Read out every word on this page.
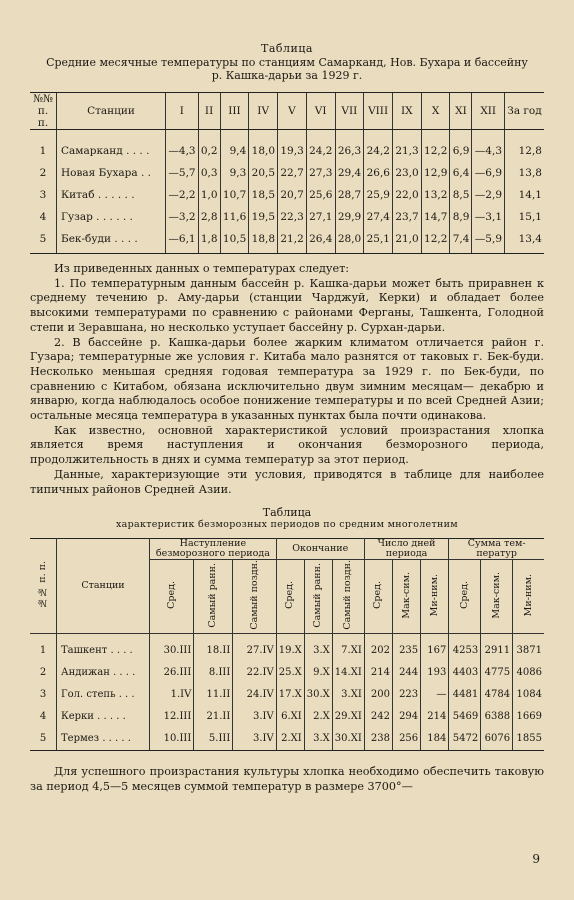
Таблица
Средние месячные температуры по станциям Самарканд, Нов. Бухара и бассейну
р. Кашка-дарьи за 1929 г.
№№ п. п.	Станции	I	II	III	IV	V	VI	VII	VIII	IX	X	XI	XII	За год
1	Самарканд . . . .	—4,3	0,2	9,4	18,0	19,3	24,2	26,3	24,2	21,3	12,2	6,9	—4,3	12,8
2	Новая Бухара . .	—5,7	0,3	9,3	20,5	22,7	27,3	29,4	26,6	23,0	12,9	6,4	—6,9	13,8
3	Китаб . . . . . .	—2,2	1,0	10,7	18,5	20,7	25,6	28,7	25,9	22,0	13,2	8,5	—2,9	14,1
4	Гузар . . . . . .	—3,2	2,8	11,6	19,5	22,3	27,1	29,9	27,4	23,7	14,7	8,9	—3,1	15,1
5	Бек-буди . . . .	—6,1	1,8	10,5	18,8	21,2	26,4	28,0	25,1	21,0	12,2	7,4	—5,9	13,4

Из приведенных данных о температурах следует:

1. По температурным данным бассейн р. Кашка-дарьи может быть приравнен к среднему течению р. Аму-дарьи (станции Чарджуй, Керки) и обладает более высокими температурами по сравнению с районами Ферганы, Ташкента, Голодной степи и Зеравшана, но несколько уступает бассейну р. Сурхан-дарьи.

2. В бассейне р. Кашка-дарьи более жарким климатом отличается район г. Гузара; температурные же условия г. Китаба мало разнятся от таковых г. Бек-буди. Несколько меньшая средняя годовая температура за 1929 г. по Бек-буди, по сравнению с Китабом, обязана исключительно двум зимним месяцам— декабрю и январю, когда наблюдалось особое понижение температуры и по всей Средней Азии; остальные месяца температура в указанных пунктах была почти одинакова.

Как известно, основной характеристикой условий произрастания хлопка является время наступления и окончания безморозного периода, продолжительность в днях и сумма температур за этот период.

Данные, характеризующие эти условия, приводятся в таблице для наиболее типичных районов Средней Азии.

Таблица
характеристик безморозных периодов по средним многолетним
№№ п. п.	Станции	Наступление безморозного периода			Окончание			Число дней периода			Сумма тем-ператур		
		Сред.	Самый ранн.	Самый поздн.	Сред.	Самый ранн.	Самый поздн.	Сред.	Мак-сим.	Ми-ним.	Сред.	Мак-сим.	Ми-ним.
1	Ташкент . . . .	30.III	18.II	27.IV	19.X	3.X	7.XI	202	235	167	4253	2911	3871
2	Андижан . . . .	26.III	8.III	22.IV	25.X	9.X	14.XI	214	244	193	4403	4775	4086
3	Гол. степь . . .	1.IV	11.II	24.IV	17.X	30.X	3.XI	200	223	—	4481	4784	1084
4	Керки . . . . .	12.III	21.II	3.IV	6.XI	2.X	29.XI	242	294	214	5469	6388	1669
5	Термез . . . . .	10.III	5.III	3.IV	2.XI	3.X	30.XI	238	256	184	5472	6076	1855

Для успешного произрастания культуры хлопка необходимо обеспечить таковую за период 4,5—5 месяцев суммой температур в размере 3700°—

9
